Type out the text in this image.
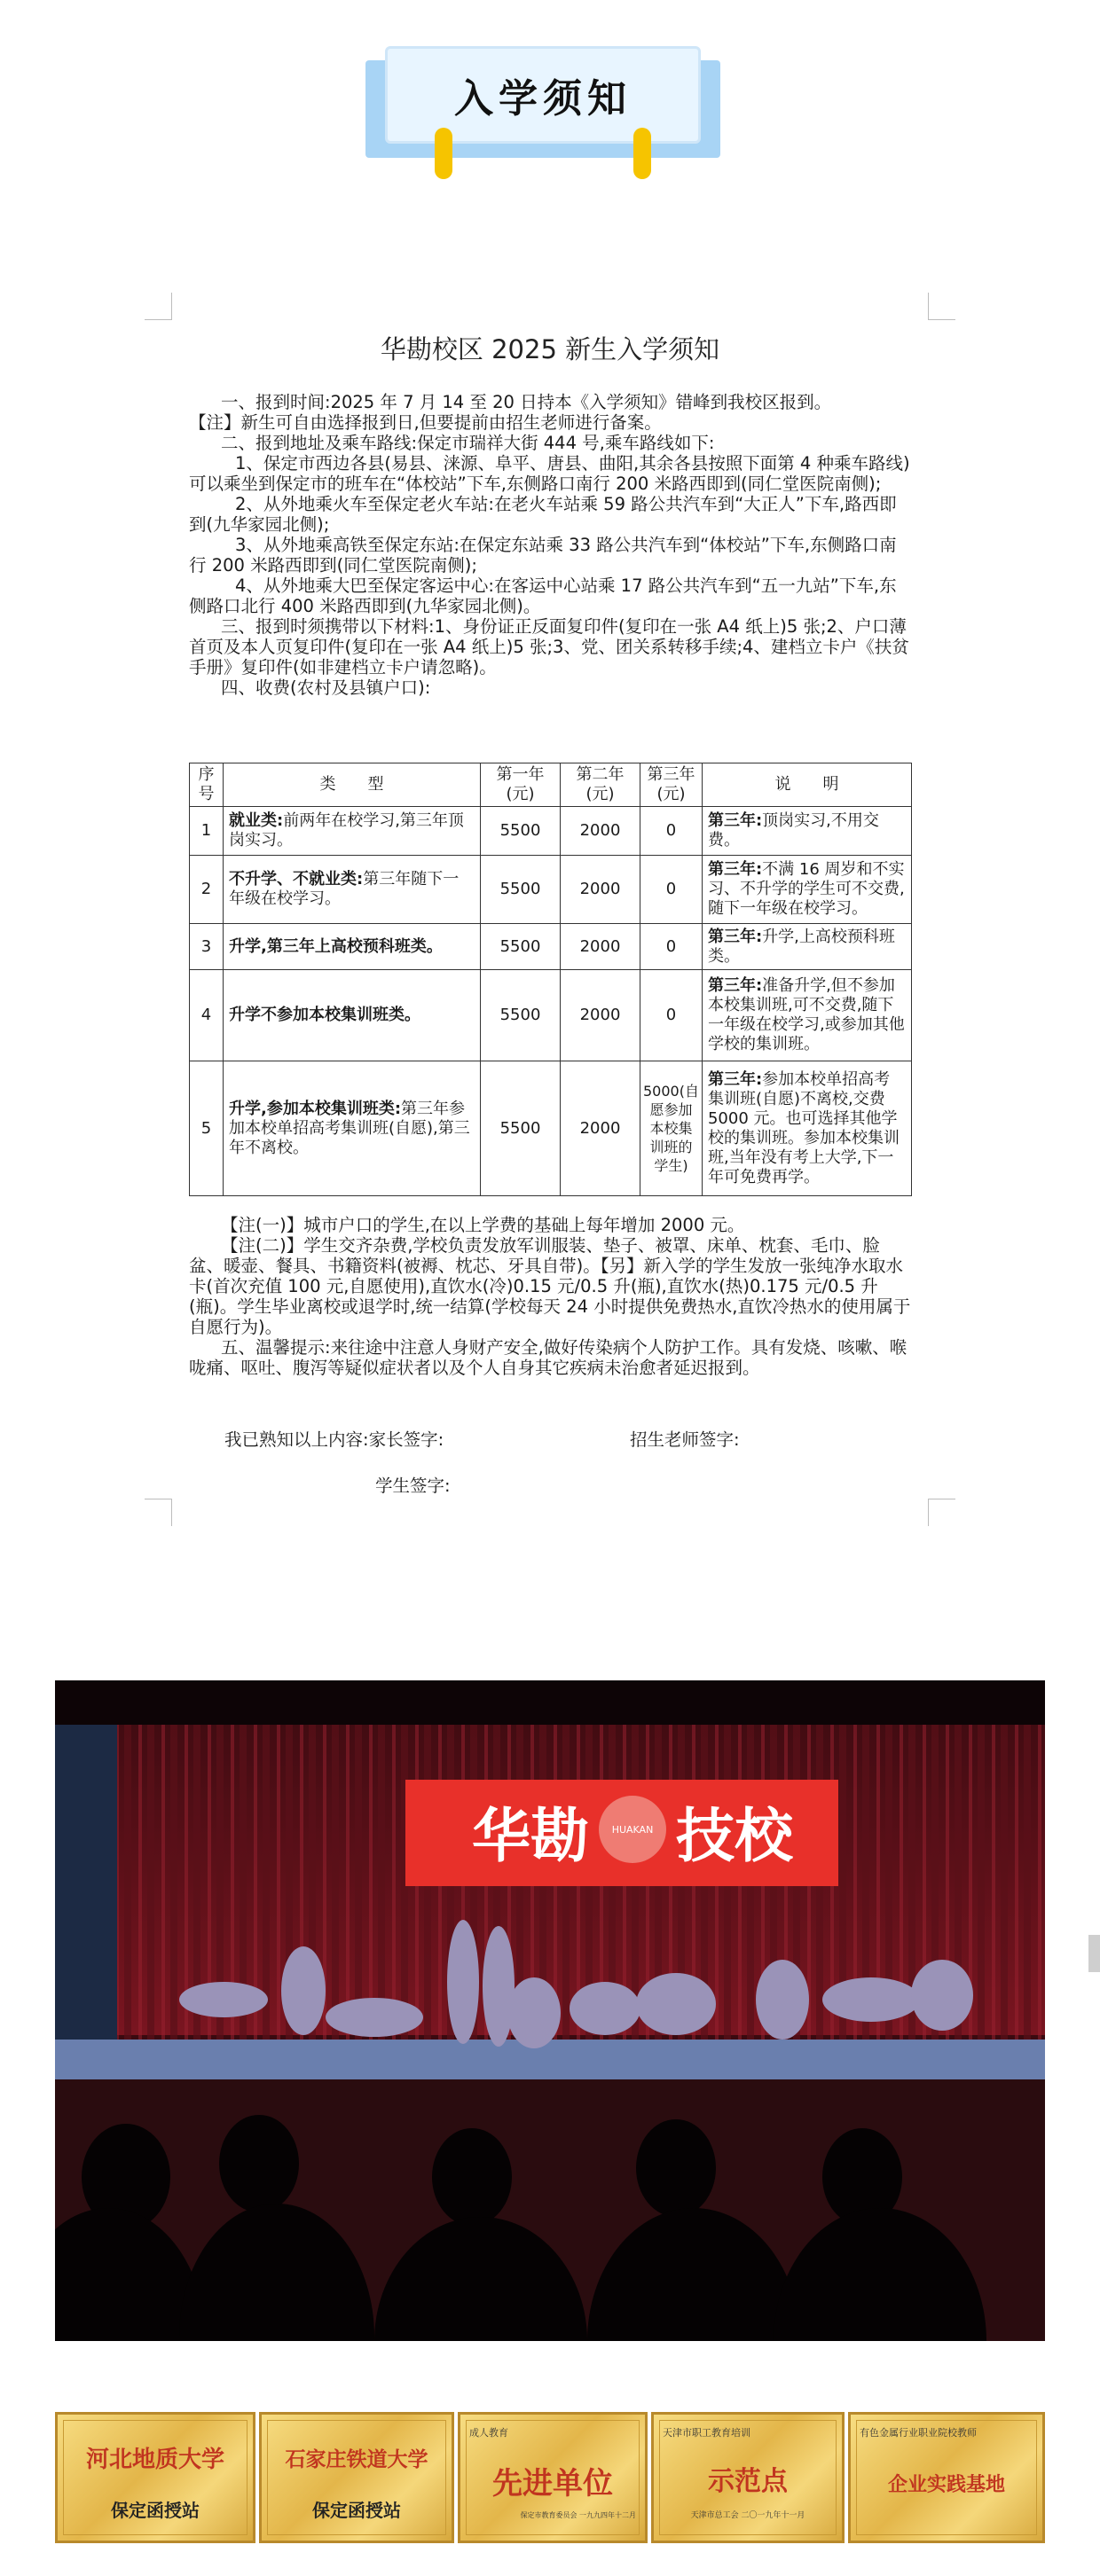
入学须知
华勘校区 2025 新生入学须知

一、报到时间:2025 年 7 月 14 至 20 日持本《入学须知》错峰到我校区报到。

【注】新生可自由选择报到日,但要提前由招生老师进行备案。

二、报到地址及乘车路线:保定市瑞祥大街 444 号,乘车路线如下:

1、保定市西边各县(易县、涞源、阜平、唐县、曲阳,其余各县按照下面第 4 种乘车路线)可以乘坐到保定市的班车在“体校站”下车,东侧路口南行 200 米路西即到(同仁堂医院南侧);

2、从外地乘火车至保定老火车站:在老火车站乘 59 路公共汽车到“大正人”下车,路西即到(九华家园北侧);

3、从外地乘高铁至保定东站:在保定东站乘 33 路公共汽车到“体校站”下车,东侧路口南行 200 米路西即到(同仁堂医院南侧);

4、从外地乘大巴至保定客运中心:在客运中心站乘 17 路公共汽车到“五一九站”下车,东侧路口北行 400 米路西即到(九华家园北侧)。

三、报到时须携带以下材料:1、身份证正反面复印件(复印在一张 A4 纸上)5 张;2、户口薄首页及本人页复印件(复印在一张 A4 纸上)5 张;3、党、团关系转移手续;4、建档立卡户《扶贫手册》复印件(如非建档立卡户请忽略)。

四、收费(农村及县镇户口):

序号	类　　型	第一年(元)	第二年(元)	第三年(元)	说　　明
1	就业类:前两年在校学习,第三年顶岗实习。	5500	2000	0	第三年:顶岗实习,不用交费。
2	不升学、不就业类:第三年随下一年级在校学习。	5500	2000	0	第三年:不满 16 周岁和不实习、不升学的学生可不交费,随下一年级在校学习。
3	升学,第三年上高校预科班类。	5500	2000	0	第三年:升学,上高校预科班类。
4	升学不参加本校集训班类。	5500	2000	0	第三年:准备升学,但不参加本校集训班,可不交费,随下一年级在校学习,或参加其他学校的集训班。
5	升学,参加本校集训班类:第三年参加本校单招高考集训班(自愿),第三年不离校。	5500	2000	5000(自愿参加本校集训班的学生)	第三年:参加本校单招高考集训班(自愿)不离校,交费 5000 元。也可选择其他学校的集训班。参加本校集训班,当年没有考上大学,下一年可免费再学。

【注(一)】城市户口的学生,在以上学费的基础上每年增加 2000 元。

【注(二)】学生交齐杂费,学校负责发放军训服装、垫子、被罩、床单、枕套、毛巾、脸盆、暖壶、餐具、书籍资料(被褥、枕芯、牙具自带)。【另】新入学的学生发放一张纯净水取水卡(首次充值 100 元,自愿使用),直饮水(冷)0.15 元/0.5 升(瓶),直饮水(热)0.175 元/0.5 升(瓶)。学生毕业离校或退学时,统一结算(学校每天 24 小时提供免费热水,直饮冷热水的使用属于自愿行为)。

五、温馨提示:来往途中注意人身财产安全,做好传染病个人防护工作。具有发烧、咳嗽、喉咙痛、呕吐、腹泻等疑似症状者以及个人自身其它疾病未治愈者延迟报到。

我已熟知以上内容:家长签字:	招生老师签字:
学生签字:
华勘 HUAKAN 技校
河北地质大学
保定函授站
石家庄铁道大学
保定函授站
成人教育
先进单位
保定市教育委员会 一九九四年十二月
天津市职工教育培训
示范点
天津市总工会 二〇一九年十一月
有色金属行业职业院校教师
企业实践基地
